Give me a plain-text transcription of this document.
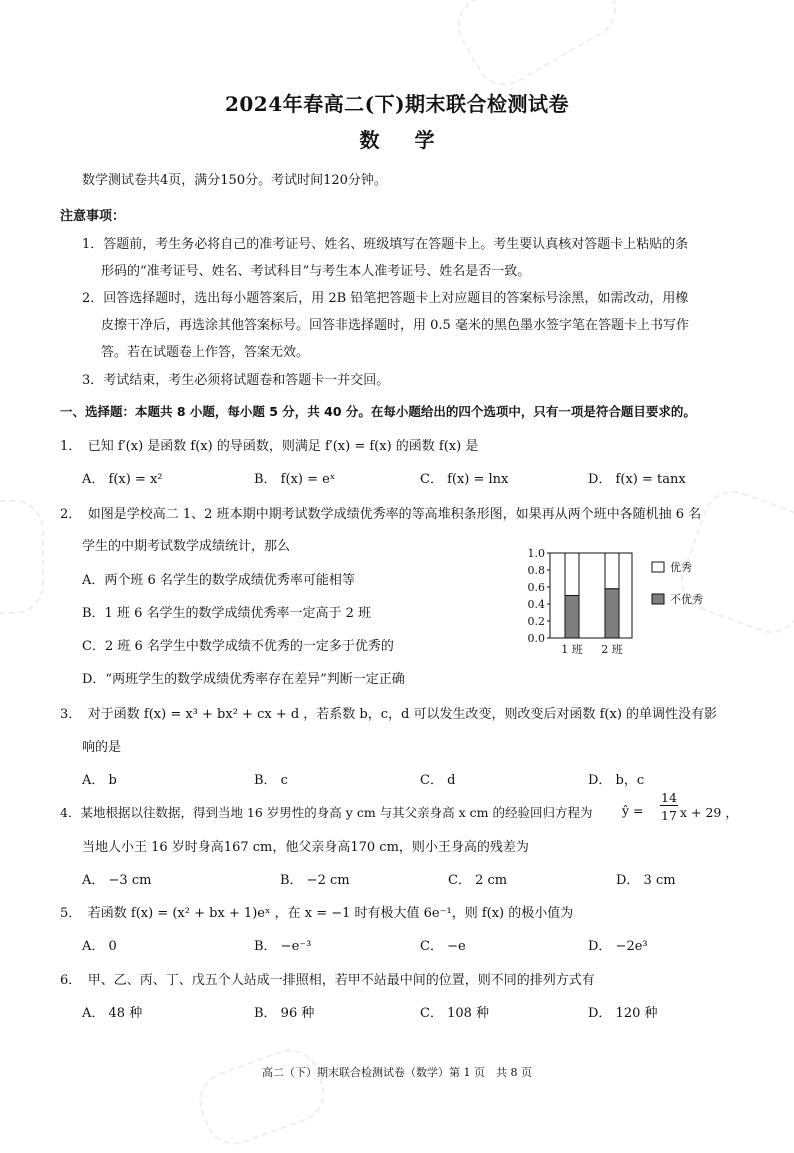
2024年春高二(下)期末联合检测试卷
数 学
数学测试卷共4页，满分150分。考试时间120分钟。
注意事项：
1．答题前，考生务必将自己的准考证号、姓名、班级填写在答题卡上。考生要认真核对答题卡上粘贴的条
形码的“准考证号、姓名、考试科目”与考生本人准考证号、姓名是否一致。
2．回答选择题时，选出每小题答案后，用 2B 铅笔把答题卡上对应题目的答案标号涂黑，如需改动，用橡
皮擦干净后，再选涂其他答案标号。回答非选择题时，用 0.5 毫米的黑色墨水签字笔在答题卡上书写作
答。若在试题卷上作答，答案无效。
3．考试结束，考生必须将试题卷和答题卡一并交回。
一、选择题：本题共 8 小题，每小题 5 分，共 40 分。在每小题给出的四个选项中，只有一项是符合题目要求的。
1．　已知 f′(x) 是函数 f(x) 的导函数，则满足 f′(x) = f(x) 的函数 f(x) 是
A． f(x) = x²	B． f(x) = eˣ	C． f(x) = lnx	D． f(x) = tanx
2．　如图是学校高二 1、2 班本期中期考试数学成绩优秀率的等高堆积条形图，如果再从两个班中各随机抽 6 名
学生的中期考试数学成绩统计，那么
A．两个班 6 名学生的数学成绩优秀率可能相等
B．1 班 6 名学生的数学成绩优秀率一定高于 2 班
C．2 班 6 名学生中数学成绩不优秀的一定多于优秀的
D．“两班学生的数学成绩优秀率存在差异”判断一定正确
0.0
0.2
0.4
0.6
0.8
1.0
1 班 2 班
优秀
不优秀
3．　对于函数 f(x) = x³ + bx² + cx + d ，若系数 b，c，d 可以发生改变，则改变后对函数 f(x) 的单调性没有影
响的是
A． b	B． c	C． d	D． b，c
4．某地根据以往数据，得到当地 16 岁男性的身高 y cm 与其父亲身高 x cm 的经验回归方程为 ŷ =
14
17 x + 29 ，
当地人小王 16 岁时身高167 cm，他父亲身高170 cm，则小王身高的残差为
A． −3 cm	B． −2 cm	C． 2 cm	D． 3 cm
5．　若函数 f(x) = (x² + bx + 1)eˣ ，在 x = −1 时有极大值 6e⁻¹，则 f(x) 的极小值为
A． 0	B． −e⁻³	C． −e	D． −2e³
6．　甲、乙、丙、丁、戊五个人站成一排照相，若甲不站最中间的位置，则不同的排列方式有
A． 48 种	B． 96 种	C． 108 种	D． 120 种
高二（下）期末联合检测试卷（数学）第 1 页　共 8 页
